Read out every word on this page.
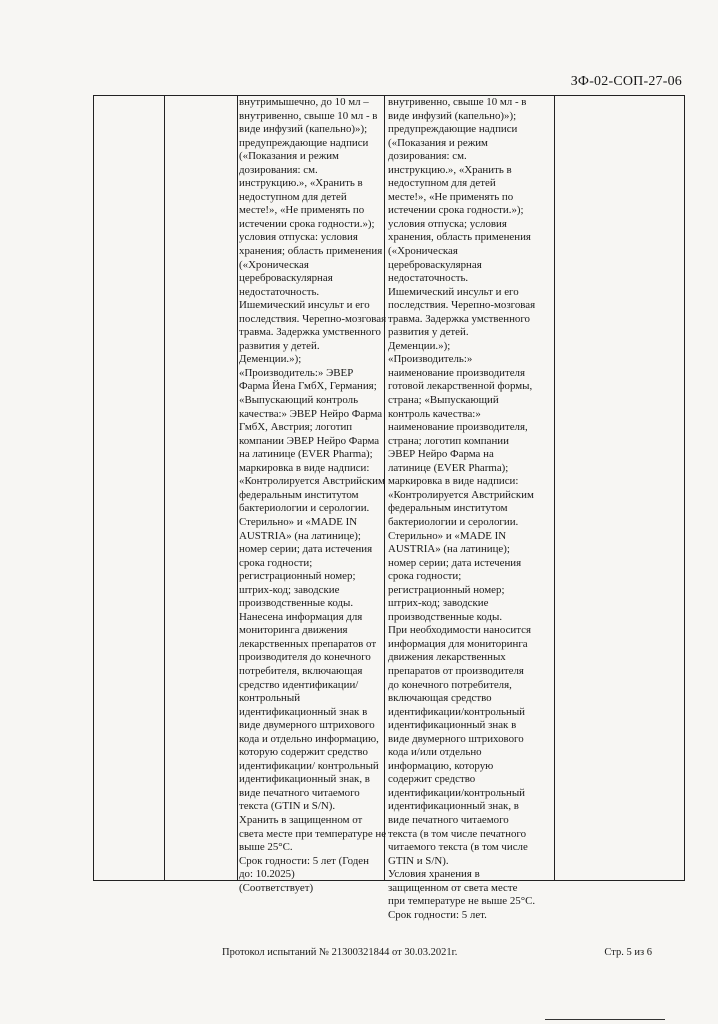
ЗФ-02-СОП-27-06
внутримышечно, до 10 мл –
внутривенно, свыше 10 мл - в
виде инфузий (капельно)»);
предупреждающие надписи
(«Показания и режим
дозирования: см.
инструкцию.», «Хранить в
недоступном для детей
месте!», «Не применять по
истечении срока годности.»);
условия отпуска: условия
хранения; область применения
(«Хроническая
цереброваскулярная
недостаточность.
Ишемический инсульт и его
последствия. Черепно-мозговая
травма. Задержка умственного
развития у детей.
Деменции.»);
«Производитель:» ЭВЕР
Фарма Йена ГмбХ, Германия;
«Выпускающий контроль
качества:» ЭВЕР Нейро Фарма
ГмбХ, Австрия; логотип
компании ЭВЕР Нейро Фарма
на латинице (EVER Pharma);
маркировка в виде надписи:
«Контролируется Австрийским
федеральным институтом
бактериологии и серологии.
Стерильно» и «MADE IN
AUSTRIA» (на латинице);
номер серии; дата истечения
срока годности;
регистрационный номер;
штрих-код; заводские
производственные коды.
Нанесена информация для
мониторинга движения
лекарственных препаратов от
производителя до конечного
потребителя, включающая
средство идентификации/
контрольный
идентификационный знак в
виде двумерного штрихового
кода и отдельно информацию,
которую содержит средство
идентификации/ контрольный
идентификационный знак, в
виде печатного читаемого
текста (GTIN и S/N).
Хранить в защищенном от
света месте при температуре не
выше 25°С.
Срок годности: 5 лет (Годен
до: 10.2025)
(Соответствует)
внутривенно, свыше 10 мл - в
виде инфузий (капельно)»);
предупреждающие надписи
(«Показания и режим
дозирования: см.
инструкцию.», «Хранить в
недоступном для детей
месте!», «Не применять по
истечении срока годности.»);
условия отпуска; условия
хранения, область применения
(«Хроническая
цереброваскулярная
недостаточность.
Ишемический инсульт и его
последствия. Черепно-мозговая
травма. Задержка умственного
развития у детей.
Деменции.»);
«Производитель:»
наименование производителя
готовой лекарственной формы,
страна; «Выпускающий
контроль качества:»
наименование производителя,
страна; логотип компании
ЭВЕР Нейро Фарма на
латинице (EVER Pharma);
маркировка в виде надписи:
«Контролируется Австрийским
федеральным институтом
бактериологии и серологии.
Стерильно» и «MADE IN
AUSTRIA» (на латинице);
номер серии; дата истечения
срока годности;
регистрационный номер;
штрих-код; заводские
производственные коды.
При необходимости наносится
информация для мониторинга
движения лекарственных
препаратов от производителя
до конечного потребителя,
включающая средство
идентификации/контрольный
идентификационный знак в
виде двумерного штрихового
кода и/или отдельно
информацию, которую
содержит средство
идентификации/контрольный
идентификационный знак, в
виде печатного читаемого
текста (в том числе печатного
читаемого текста (в том числе
GTIN и S/N).
Условия хранения в
защищенном от света месте
при температуре не выше 25°С.
Срок годности: 5 лет.
Протокол испытаний № 21300321844 от 30.03.2021г.	Стр. 5 из 6
